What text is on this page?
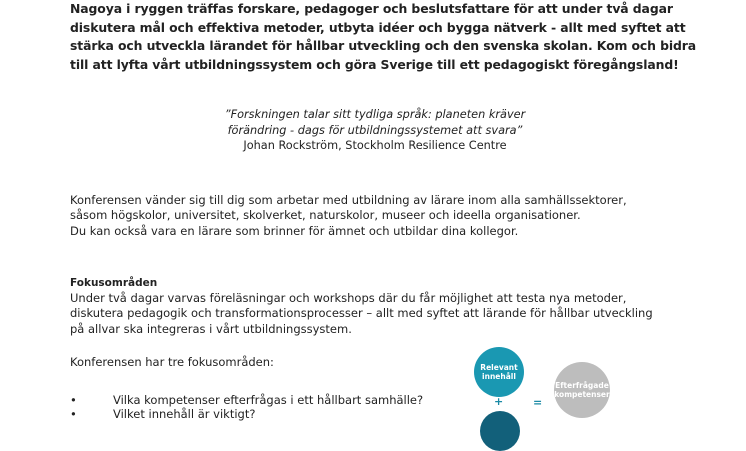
Nagoya i ryggen träffas forskare, pedagoger och beslutsfattare för att under två dagar
diskutera mål och effektiva metoder, utbyta idéer och bygga nätverk - allt med syftet att
stärka och utveckla lärandet för hållbar utveckling och den svenska skolan. Kom och bidra
till att lyfta vårt utbildningssystem och göra Sverige till ett pedagogiskt föregångsland!

”Forskningen talar sitt tydliga språk: planeten kräver
förändring - dags för utbildningssystemet att svara”
Johan Rockström, Stockholm Resilience Centre

Konferensen vänder sig till dig som arbetar med utbildning av lärare inom alla samhällssektorer,
såsom högskolor, universitet, skolverket, naturskolor, museer och ideella organisationer.
Du kan också vara en lärare som brinner för ämnet och utbildar dina kollegor.

Fokusområden

Under två dagar varvas föreläsningar och workshops där du får möjlighet att testa nya metoder,
diskutera pedagogik och transformationsprocesser – allt med syftet att lärande för hållbar utveckling
på allvar ska integreras i vårt utbildningssystem.

Konferensen har tre fokusområden:

•	Vilka kompetenser efterfrågas i ett hållbart samhälle?
•	Vilket innehåll är viktigt?
Relevant
innehåll
+	=
Efterfrågade
kompetenser
